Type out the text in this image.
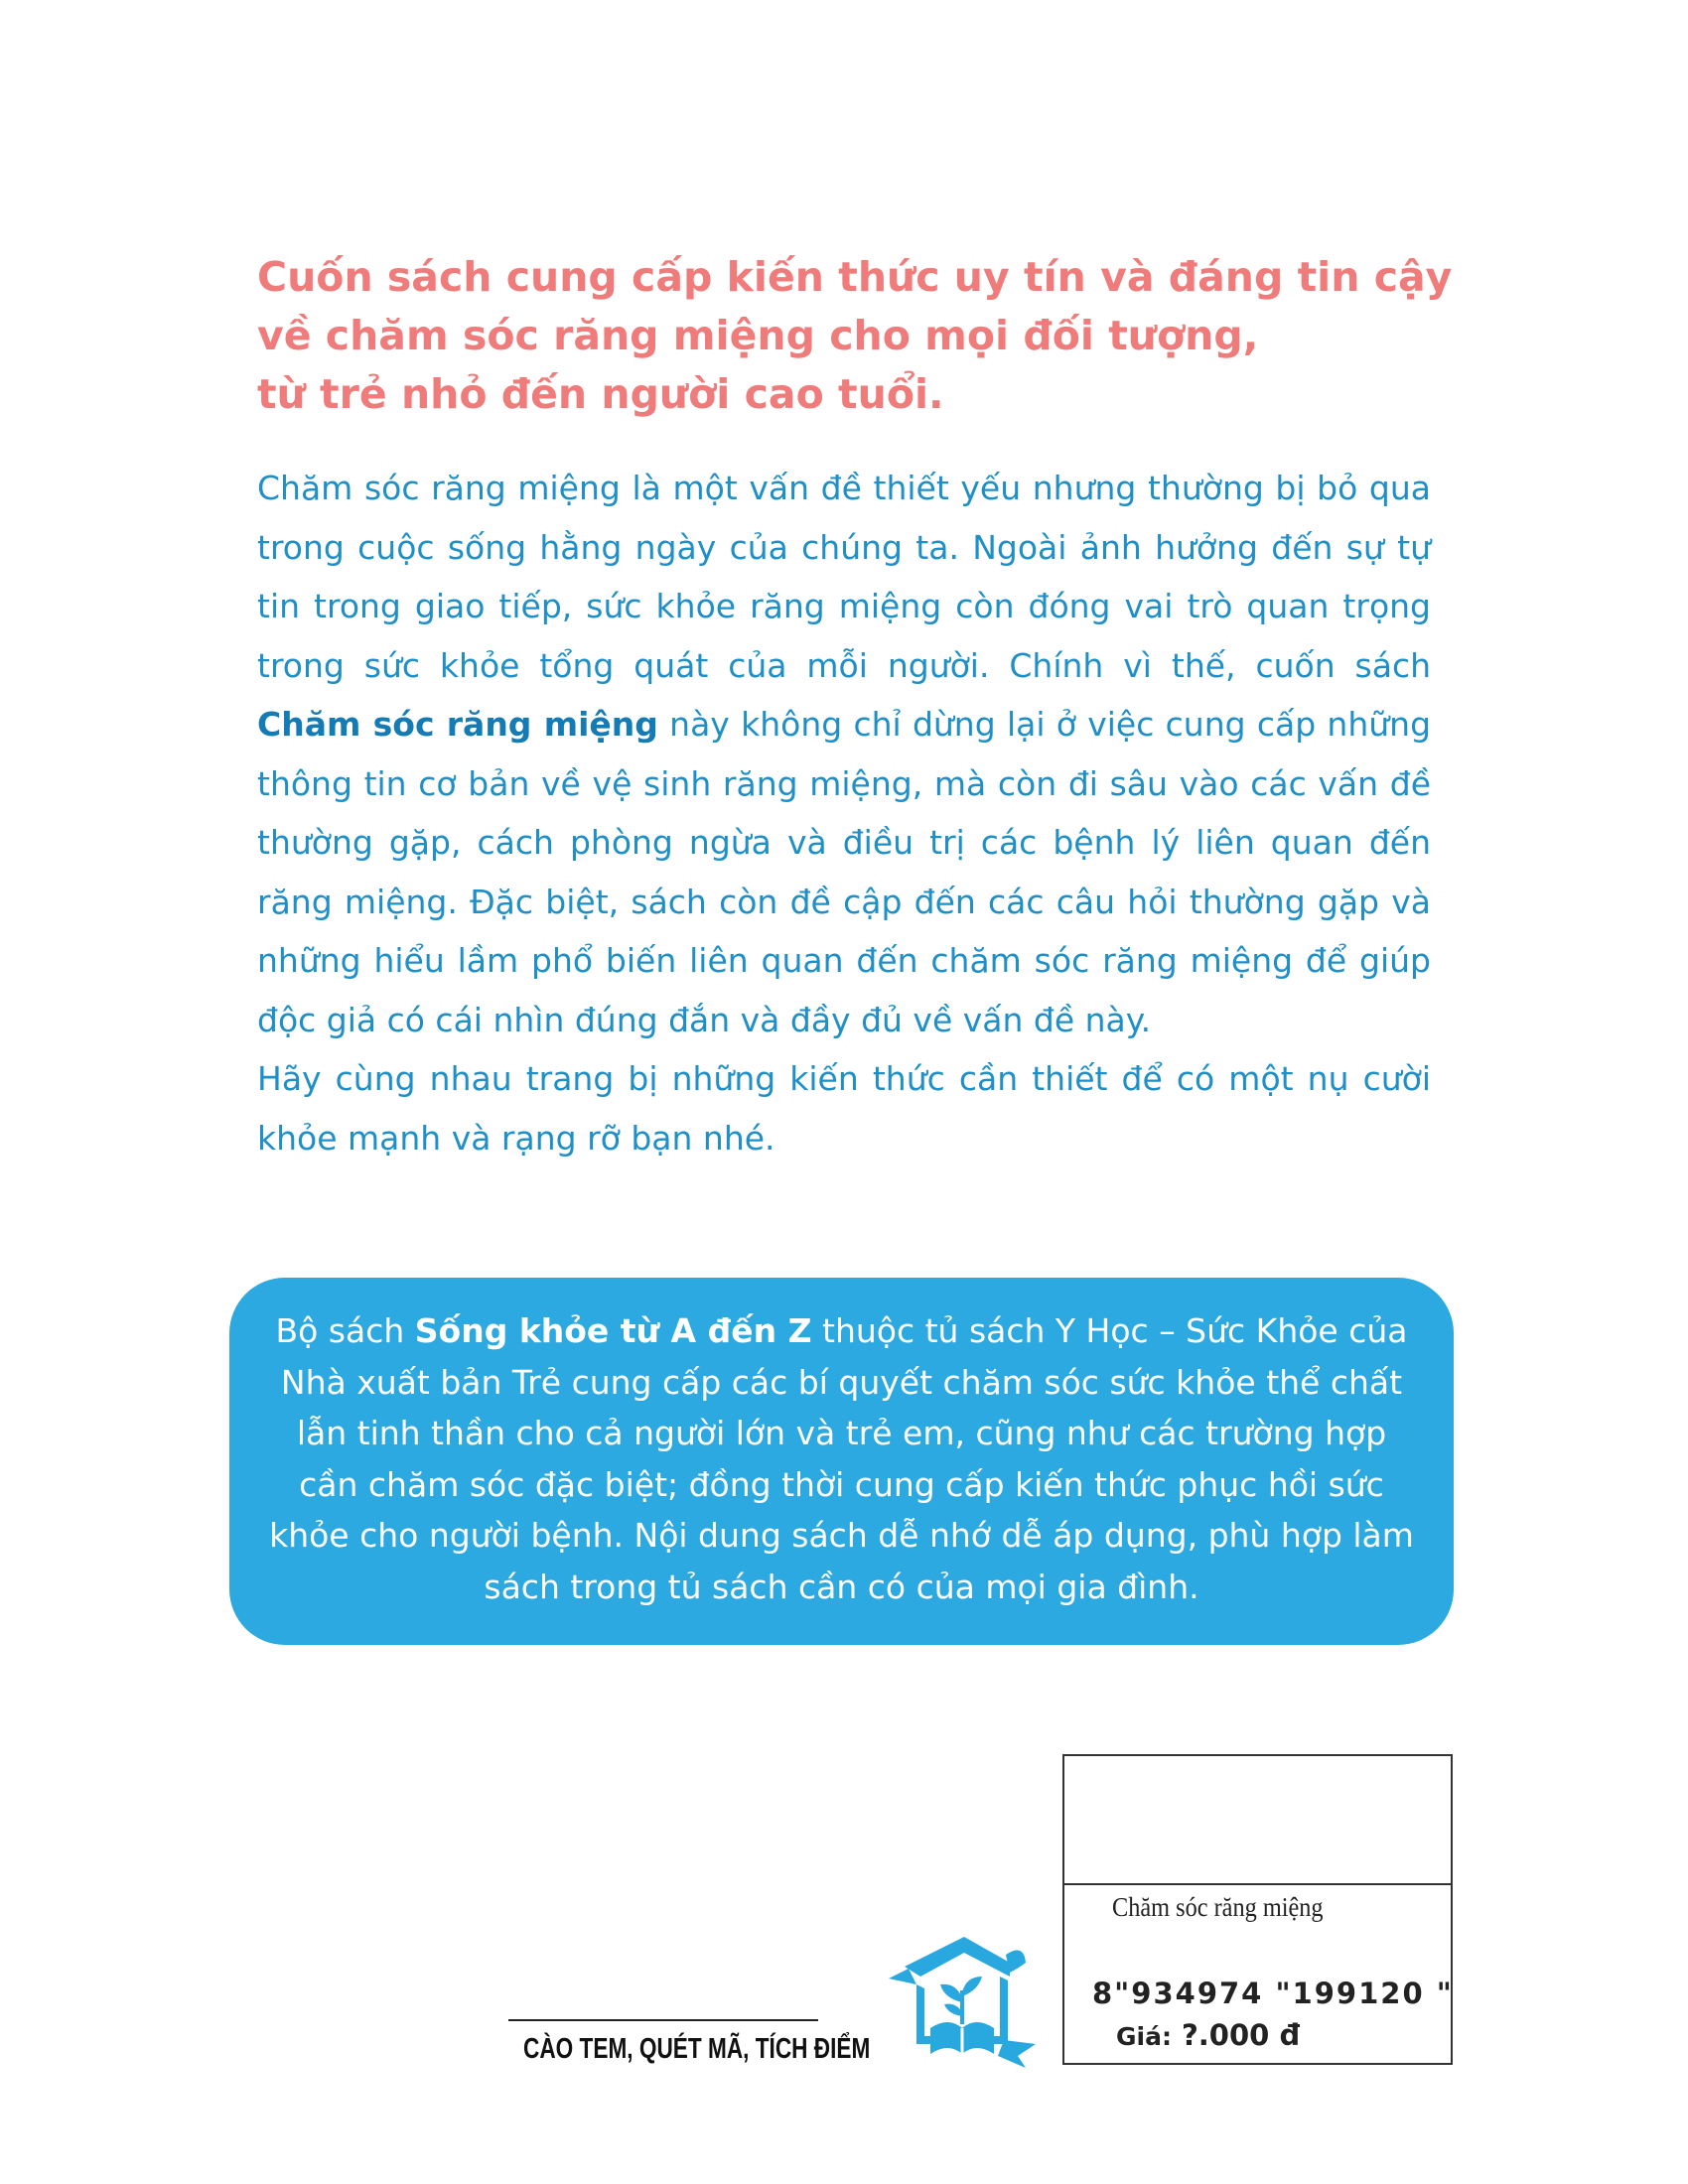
Cuốn sách cung cấp kiến thức uy tín và đáng tin cậy
về chăm sóc răng miệng cho mọi đối tượng,
từ trẻ nhỏ đến người cao tuổi.

Chăm sóc răng miệng là một vấn đề thiết yếu nhưng thường bị bỏ qua trong cuộc sống hằng ngày của chúng ta. Ngoài ảnh hưởng đến sự tự tin trong giao tiếp, sức khỏe răng miệng còn đóng vai trò quan trọng trong sức khỏe tổng quát của mỗi người. Chính vì thế, cuốn sách Chăm sóc răng miệng này không chỉ dừng lại ở việc cung cấp những thông tin cơ bản về vệ sinh răng miệng, mà còn đi sâu vào các vấn đề thường gặp, cách phòng ngừa và điều trị các bệnh lý liên quan đến răng miệng. Đặc biệt, sách còn đề cập đến các câu hỏi thường gặp và những hiểu lầm phổ biến liên quan đến chăm sóc răng miệng để giúp độc giả có cái nhìn đúng đắn và đầy đủ về vấn đề này.

Hãy cùng nhau trang bị những kiến thức cần thiết để có một nụ cười khỏe mạnh và rạng rỡ bạn nhé.

Bộ sách Sống khỏe từ A đến Z thuộc tủ sách Y Học – Sức Khỏe của Nhà xuất bản Trẻ cung cấp các bí quyết chăm sóc sức khỏe thể chất lẫn tinh thần cho cả người lớn và trẻ em, cũng như các trường hợp cần chăm sóc đặc biệt; đồng thời cung cấp kiến thức phục hồi sức khỏe cho người bệnh. Nội dung sách dễ nhớ dễ áp dụng, phù hợp làm sách trong tủ sách cần có của mọi gia đình.

Chăm sóc răng miệng
8"934974 "199120 "
Giá: ?.000 đ
CÀO TEM, QUÉT MÃ, TÍCH ĐIỂM
